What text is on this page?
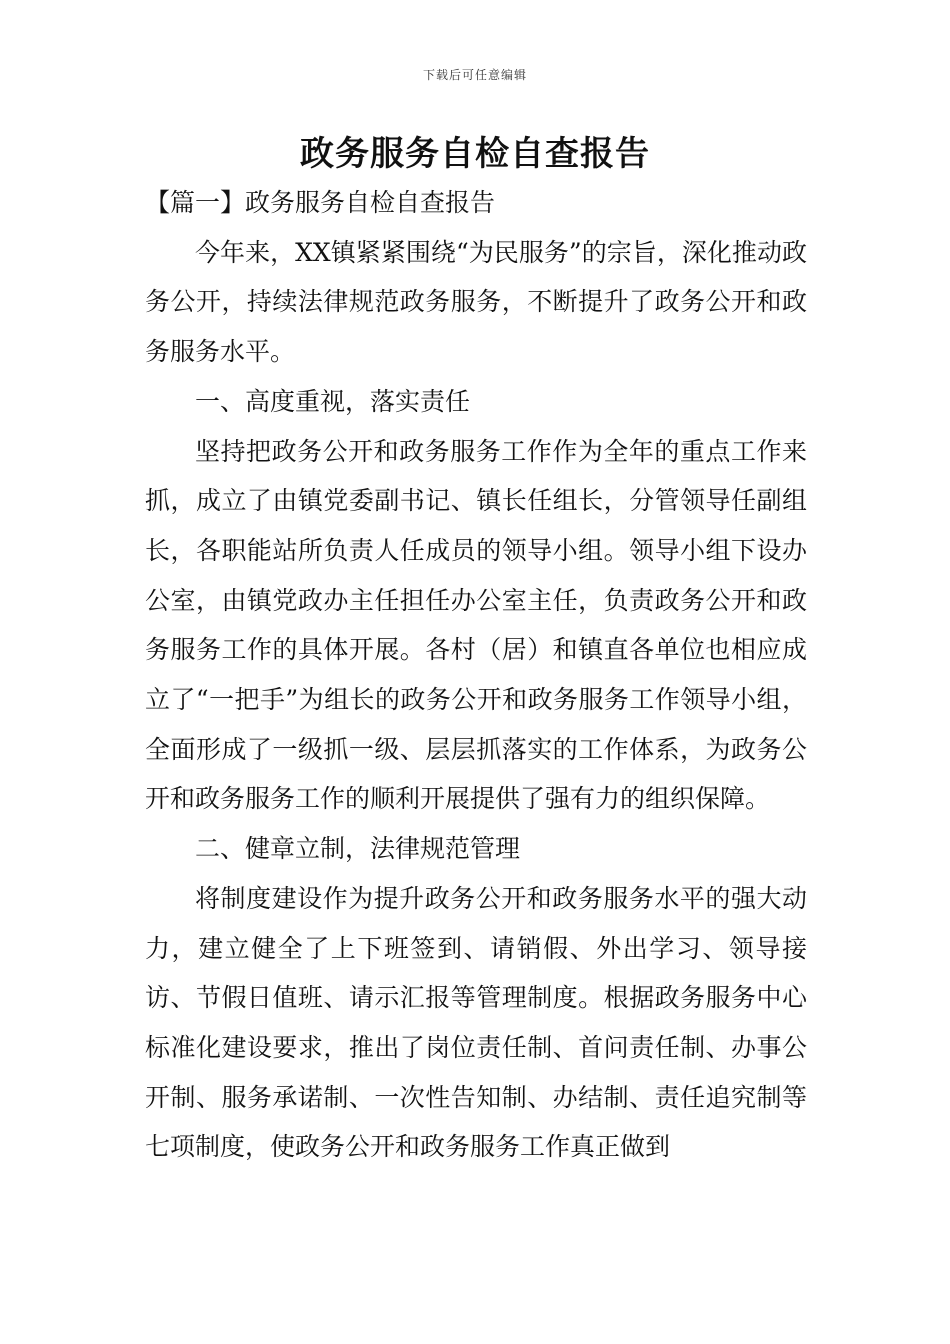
下载后可任意编辑
政务服务自检自查报告

【篇一】政务服务自检自查报告

今年来，XX镇紧紧围绕“为民服务”的宗旨，深化推动政务公开，持续法律规范政务服务，不断提升了政务公开和政务服务水平。

一、高度重视，落实责任

坚持把政务公开和政务服务工作作为全年的重点工作来抓，成立了由镇党委副书记、镇长任组长，分管领导任副组长，各职能站所负责人任成员的领导小组。领导小组下设办公室，由镇党政办主任担任办公室主任，负责政务公开和政务服务工作的具体开展。各村（居）和镇直各单位也相应成立了“一把手”为组长的政务公开和政务服务工作领导小组，全面形成了一级抓一级、层层抓落实的工作体系，为政务公开和政务服务工作的顺利开展提供了强有力的组织保障。

二、健章立制，法律规范管理

将制度建设作为提升政务公开和政务服务水平的强大动力，建立健全了上下班签到、请销假、外出学习、领导接访、节假日值班、请示汇报等管理制度。根据政务服务中心标准化建设要求，推出了岗位责任制、首问责任制、办事公开制、服务承诺制、一次性告知制、办结制、责任追究制等七项制度，使政务公开和政务服务工作真正做到
